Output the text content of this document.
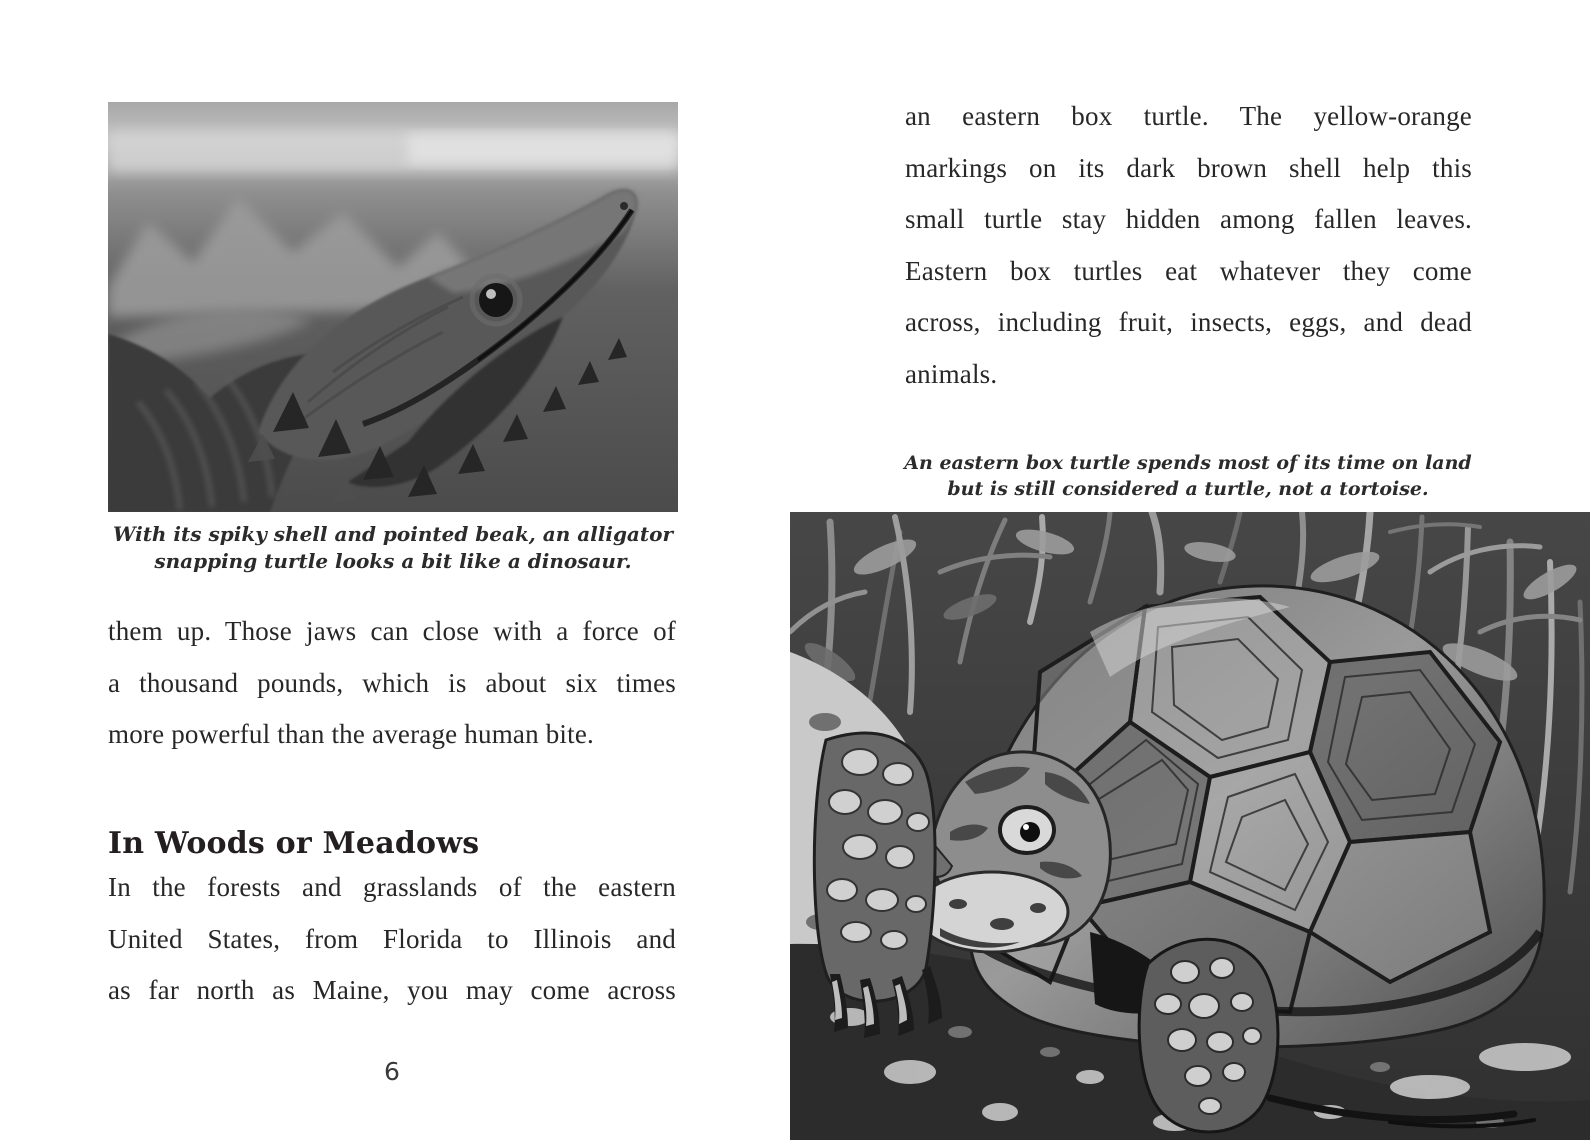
With its spiky shell and pointed beak, an alligator
snapping turtle looks a bit like a dinosaur.
them up. Those jaws can close with a force of
a thousand pounds, which is about six times
more powerful than the average human bite.
In Woods or Meadows
In the forests and grasslands of the eastern
United States, from Florida to Illinois and
as far north as Maine, you may come across
6
an eastern box turtle. The yellow-orange
markings on its dark brown shell help this
small turtle stay hidden among fallen leaves.
Eastern box turtles eat whatever they come
across, including fruit, insects, eggs, and dead
animals.
An eastern box turtle spends most of its time on land
but is still considered a turtle, not a tortoise.
